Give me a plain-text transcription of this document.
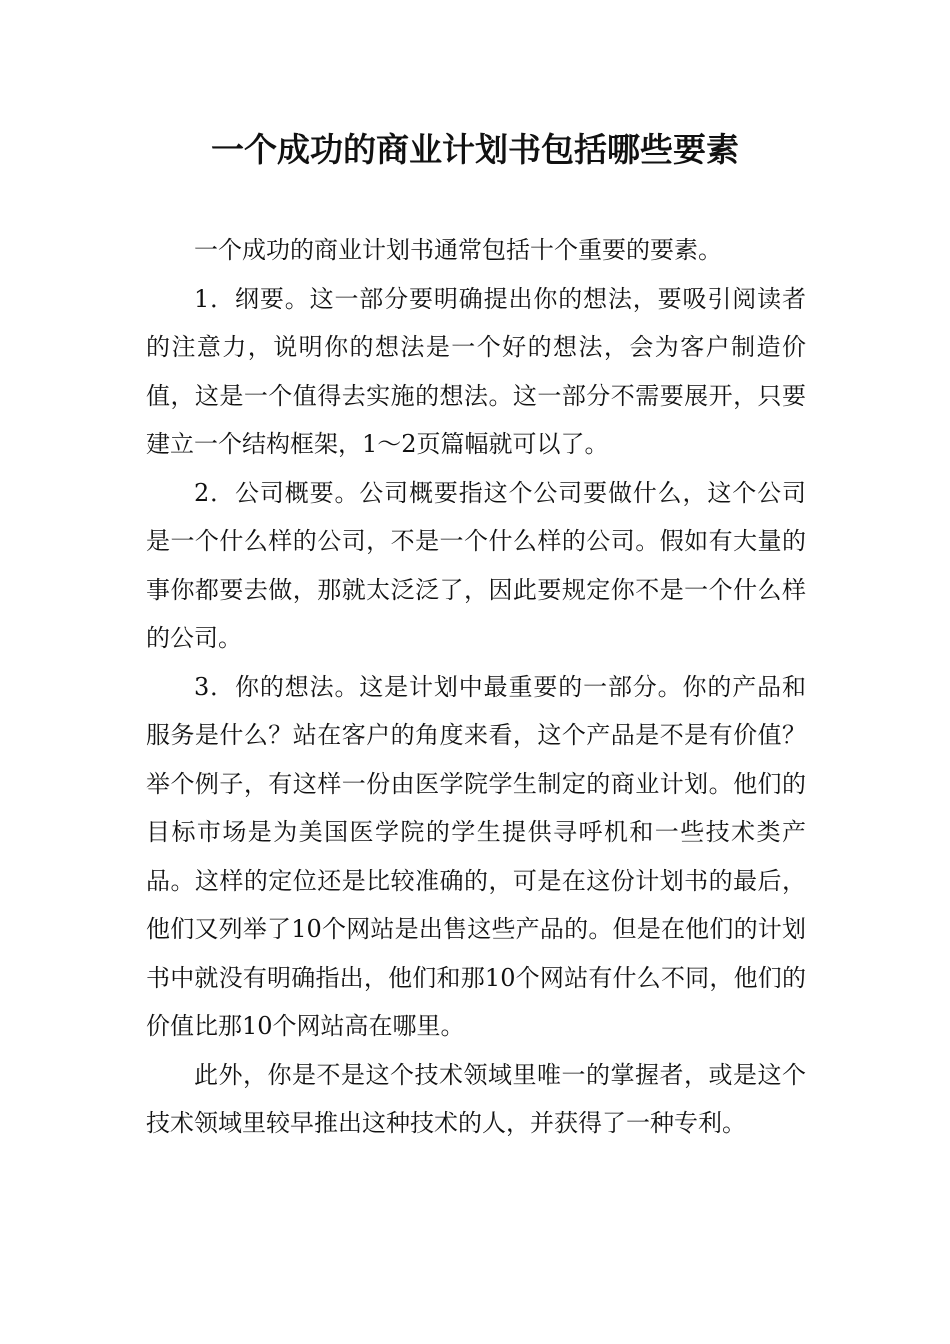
一个成功的商业计划书包括哪些要素

一个成功的商业计划书通常包括十个重要的要素。

1．纲要。这一部分要明确提出你的想法，要吸引阅读者的注意力，说明你的想法是一个好的想法，会为客户制造价值，这是一个值得去实施的想法。这一部分不需要展开，只要建立一个结构框架，1～2页篇幅就可以了。

2．公司概要。公司概要指这个公司要做什么，这个公司是一个什么样的公司，不是一个什么样的公司。假如有大量的事你都要去做，那就太泛泛了，因此要规定你不是一个什么样的公司。

3．你的想法。这是计划中最重要的一部分。你的产品和服务是什么？站在客户的角度来看，这个产品是不是有价值？举个例子，有这样一份由医学院学生制定的商业计划。他们的目标市场是为美国医学院的学生提供寻呼机和一些技术类产品。这样的定位还是比较准确的，可是在这份计划书的最后，他们又列举了10个网站是出售这些产品的。但是在他们的计划书中就没有明确指出，他们和那10个网站有什么不同，他们的价值比那10个网站高在哪里。

此外，你是不是这个技术领域里唯一的掌握者，或是这个技术领域里较早推出这种技术的人，并获得了一种专利。
